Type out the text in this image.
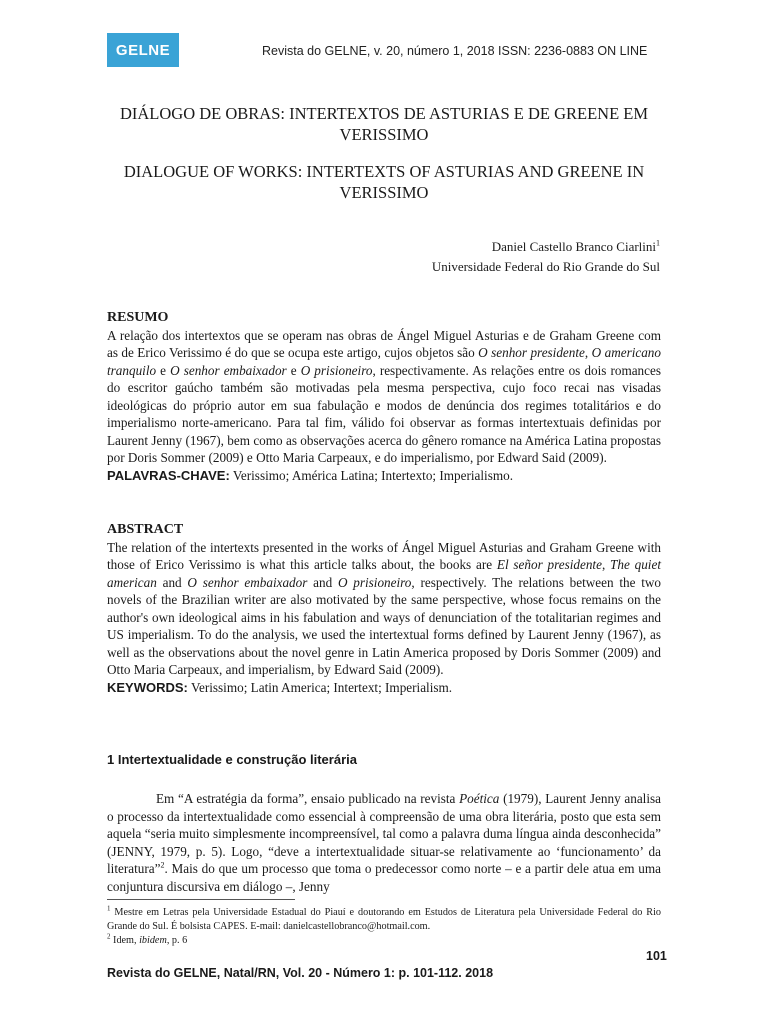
GELNE	Revista do GELNE, v. 20, número 1, 2018 ISSN: 2236-0883 ON LINE
DIÁLOGO DE OBRAS: INTERTEXTOS DE ASTURIAS E DE GREENE EM VERISSIMO
DIALOGUE OF WORKS: INTERTEXTS OF ASTURIAS AND GREENE IN VERISSIMO
Daniel Castello Branco Ciarlini$^1$
Universidade Federal do Rio Grande do Sul
RESUMO
A relação dos intertextos que se operam nas obras de Ángel Miguel Asturias e de Graham Greene com as de Erico Verissimo é do que se ocupa este artigo, cujos objetos são O senhor presidente, O americano tranquilo e O senhor embaixador e O prisioneiro, respectivamente. As relações entre os dois romances do escritor gaúcho também são motivadas pela mesma perspectiva, cujo foco recai nas visadas ideológicas do próprio autor em sua fabulação e modos de denúncia dos regimes totalitários e do imperialismo norte-americano. Para tal fim, válido foi observar as formas intertextuais definidas por Laurent Jenny (1967), bem como as observações acerca do gênero romance na América Latina propostas por Doris Sommer (2009) e Otto Maria Carpeaux, e do imperialismo, por Edward Said (2009).
PALAVRAS-CHAVE: Verissimo; América Latina; Intertexto; Imperialismo.
ABSTRACT
The relation of the intertexts presented in the works of Ángel Miguel Asturias and Graham Greene with those of Erico Verissimo is what this article talks about, the books are El señor presidente, The quiet american and O senhor embaixador and O prisioneiro, respectively. The relations between the two novels of the Brazilian writer are also motivated by the same perspective, whose focus remains on the author's own ideological aims in his fabulation and ways of denunciation of the totalitarian regimes and US imperialism. To do the analysis, we used the intertextual forms defined by Laurent Jenny (1967), as well as the observations about the novel genre in Latin America proposed by Doris Sommer (2009) and Otto Maria Carpeaux, and imperialism, by Edward Said (2009).
KEYWORDS: Verissimo; Latin America; Intertext; Imperialism.
1 Intertextualidade e construção literária
Em “A estratégia da forma”, ensaio publicado na revista Poética (1979), Laurent Jenny analisa o processo da intertextualidade como essencial à compreensão de uma obra literária, posto que esta sem aquela “seria muito simplesmente incompreensível, tal como a palavra duma língua ainda desconhecida” (JENNY, 1979, p. 5). Logo, “deve a intertextualidade situar-se relativamente ao ‘funcionamento’ da literatura”$^2$. Mais do que um processo que toma o predecessor como norte – e a partir dele atua em uma conjuntura discursiva em diálogo –, Jenny
$^1$ Mestre em Letras pela Universidade Estadual do Piauí e doutorando em Estudos de Literatura pela Universidade Federal do Rio Grande do Sul. É bolsista CAPES. E-mail: danielcastellobranco@hotmail.com.
$^2$ Idem, ibidem, p. 6
101
Revista do GELNE, Natal/RN, Vol. 20 - Número 1: p. 101-112. 2018
